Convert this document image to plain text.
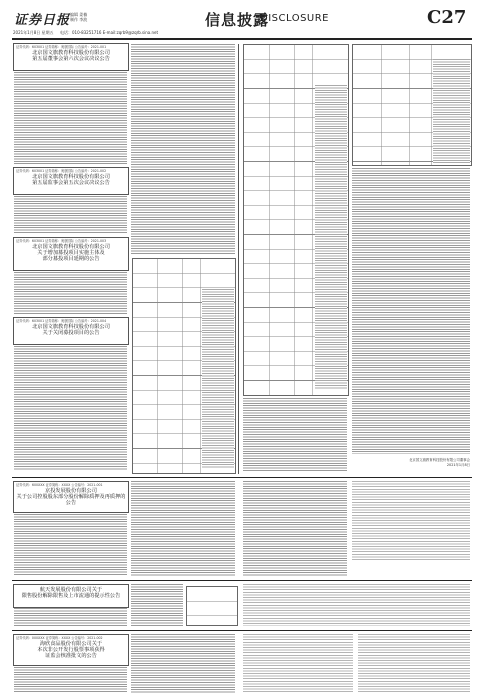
证券日报
2021年1月8日 星期五
编辑 姜楠
制作 李波
电话：010-83251716 E-mail:zqrb9@zqrb.sina.net
信息披露
DISCLOSURE	C27
证券代码：603001 证券简称：奥康国际 公告编号：2021-001
北京国文旗教育科技股份有限公司
第五届董事会第六次会议决议公告
证券代码：603001 证券简称：奥康国际 公告编号：2021-002
北京国文旗教育科技股份有限公司
第五届监事会第五次会议决议公告
证券代码：603001 证券简称：奥康国际 公告编号：2021-003
北京国文旗教育科技股份有限公司
关于增加募投项目实施主体及
部分募投项目延期的公告
证券代码：603001 证券简称：奥康国际 公告编号：2021-004
北京国文旗教育科技股份有限公司
关于关闭募投项目的公告
北京国文旗教育科技股份有限公司董事会
2021年1月8日
证券代码：600XXX 证券简称：XXXX 公告编号：2021-001
京投发展股份有限公司
关于公司控股股东部分股份解除质押及再质押的
公告
航天发展股份有限公司关于
限售股份解除限售及上市流通的提示性公告
证券代码：000XXX 证券简称：XXXX 公告编号：2021-002
海欣食品股份有限公司关于
本次非公开发行股票事项获得
证监会核准批文的公告
